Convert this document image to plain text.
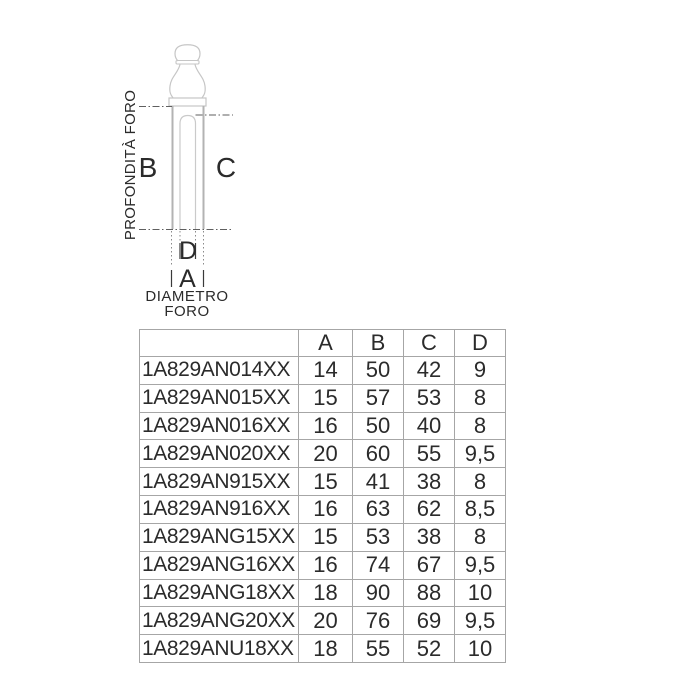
B C
D
A
PROFONDITÀ FORO
DIAMETRO
FORO
	A	B	C	D
1A829AN014XX	14	50	42	9
1A829AN015XX	15	57	53	8
1A829AN016XX	16	50	40	8
1A829AN020XX	20	60	55	9,5
1A829AN915XX	15	41	38	8
1A829AN916XX	16	63	62	8,5
1A829ANG15XX	15	53	38	8
1A829ANG16XX	16	74	67	9,5
1A829ANG18XX	18	90	88	10
1A829ANG20XX	20	76	69	9,5
1A829ANU18XX	18	55	52	10
